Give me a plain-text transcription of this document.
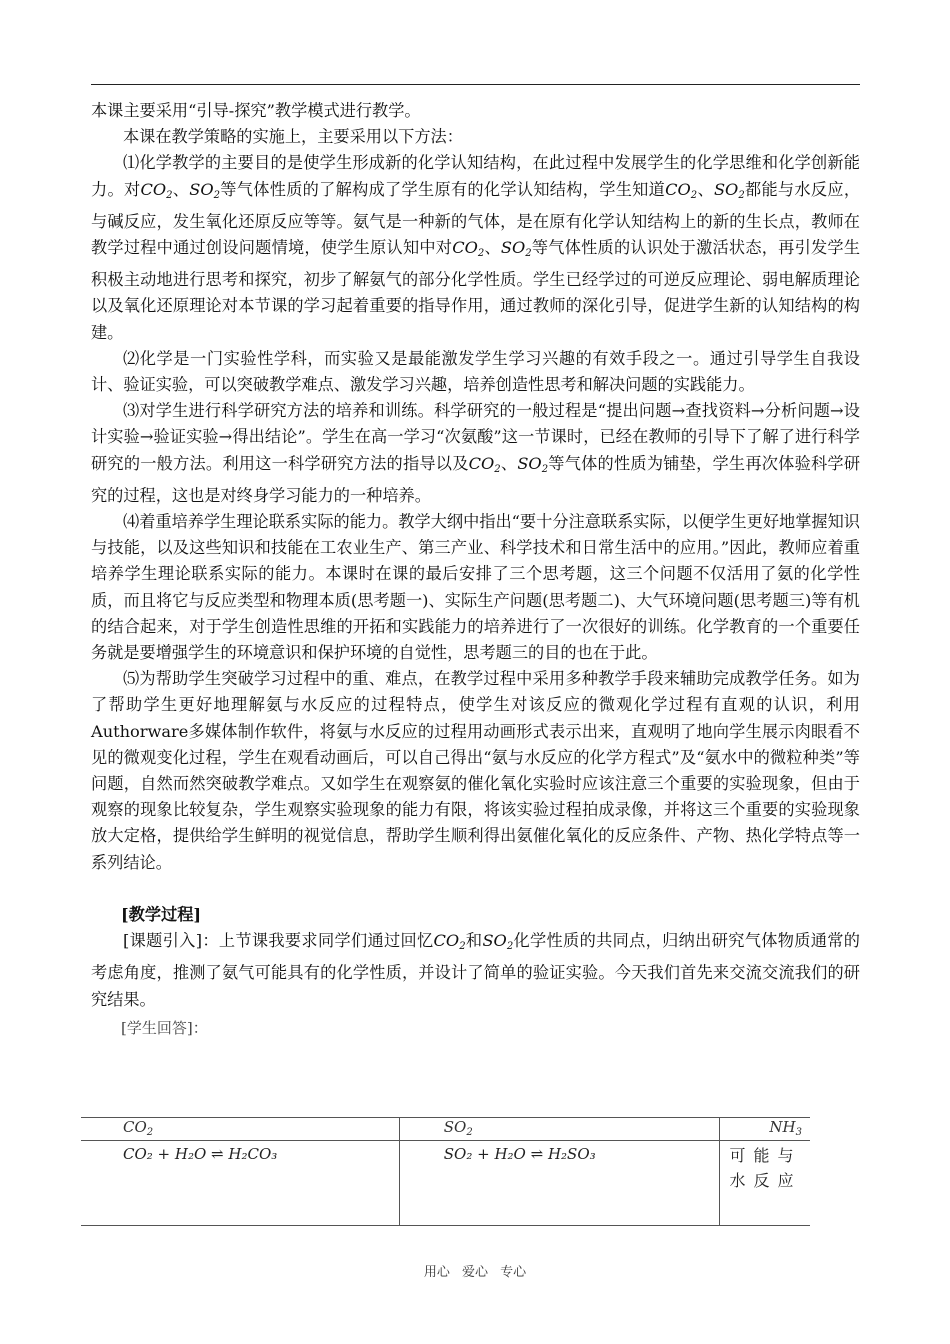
本课主要采用“引导-探究”教学模式进行教学。

本课在教学策略的实施上，主要采用以下方法：

⑴化学教学的主要目的是使学生形成新的化学认知结构，在此过程中发展学生的化学思维和化学创新能力。对$CO_2$、$SO_2$等气体性质的了解构成了学生原有的化学认知结构，学生知道$CO_2$、$SO_2$都能与水反应，与碱反应，发生氧化还原反应等等。氨气是一种新的气体，是在原有化学认知结构上的新的生长点，教师在教学过程中通过创设问题情境，使学生原认知中对$CO_2$、$SO_2$等气体性质的认识处于激活状态，再引发学生积极主动地进行思考和探究，初步了解氨气的部分化学性质。学生已经学过的可逆反应理论、弱电解质理论以及氧化还原理论对本节课的学习起着重要的指导作用，通过教师的深化引导，促进学生新的认知结构的构建。

⑵化学是一门实验性学科，而实验又是最能激发学生学习兴趣的有效手段之一。通过引导学生自我设计、验证实验，可以突破教学难点、激发学习兴趣，培养创造性思考和解决问题的实践能力。

⑶对学生进行科学研究方法的培养和训练。科学研究的一般过程是“提出问题→查找资料→分析问题→设计实验→验证实验→得出结论”。学生在高一学习“次氨酸”这一节课时，已经在教师的引导下了解了进行科学研究的一般方法。利用这一科学研究方法的指导以及$CO_2$、$SO_2$等气体的性质为铺垫，学生再次体验科学研究的过程，这也是对终身学习能力的一种培养。

⑷着重培养学生理论联系实际的能力。教学大纲中指出“要十分注意联系实际，以便学生更好地掌握知识与技能，以及这些知识和技能在工农业生产、第三产业、科学技术和日常生活中的应用。”因此，教师应着重培养学生理论联系实际的能力。本课时在课的最后安排了三个思考题，这三个问题不仅活用了氨的化学性质，而且将它与反应类型和物理本质(思考题一)、实际生产问题(思考题二)、大气环境问题(思考题三)等有机的结合起来，对于学生创造性思维的开拓和实践能力的培养进行了一次很好的训练。化学教育的一个重要任务就是要增强学生的环境意识和保护环境的自觉性，思考题三的目的也在于此。

⑸为帮助学生突破学习过程中的重、难点，在教学过程中采用多种教学手段来辅助完成教学任务。如为了帮助学生更好地理解氨与水反应的过程特点，使学生对该反应的微观化学过程有直观的认识，利用Authorware多媒体制作软件，将氨与水反应的过程用动画形式表示出来，直观明了地向学生展示肉眼看不见的微观变化过程，学生在观看动画后，可以自己得出“氨与水反应的化学方程式”及“氨水中的微粒种类”等问题，自然而然突破教学难点。又如学生在观察氨的催化氧化实验时应该注意三个重要的实验现象，但由于观察的现象比较复杂，学生观察实验现象的能力有限，将该实验过程拍成录像，并将这三个重要的实验现象放大定格，提供给学生鲜明的视觉信息，帮助学生顺利得出氨催化氧化的反应条件、产物、热化学特点等一系列结论。

[教学过程]

[课题引入]：上节课我要求同学们通过回忆$CO_2$和$SO_2$化学性质的共同点，归纳出研究气体物质通常的考虑角度，推测了氨气可能具有的化学性质，并设计了简单的验证实验。今天我们首先来交流交流我们的研究结果。

[学生回答]：

$CO_2$	$SO_2$	$NH_3$
CO₂ + H₂O ⇌ H₂CO₃	SO₂ + H₂O ⇌ H₂SO₃	可能与水反应
用心 爱心 专心
